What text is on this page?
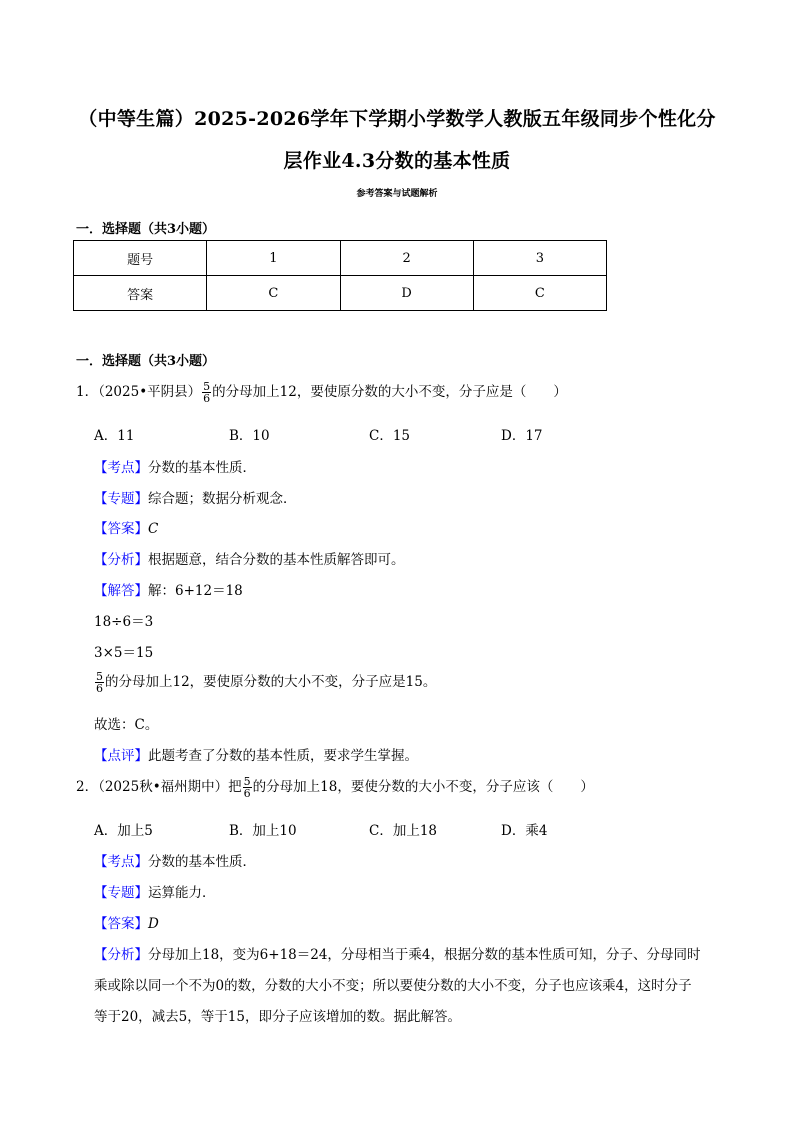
（中等生篇）2025-2026学年下学期小学数学人教版五年级同步个性化分
层作业4.3分数的基本性质
参考答案与试题解析
一．选择题（共3小题）
题号	1	2	3
答案	C	D	C
一．选择题（共3小题）
1．（2025•平阴县） $\frac{5}{6}$ 的分母加上12，要使原分数的大小不变，分子应是（　　）
A．11	B．10	C．15	D．17
【考点】分数的基本性质．
【专题】综合题；数据分析观念．
【答案】C
【分析】根据题意，结合分数的基本性质解答即可。
【解答】解：6+12＝18
18÷6＝3
3×5＝15
$\frac{5}{6}$ 的分母加上12，要使原分数的大小不变，分子应是15。
故选：C。
【点评】此题考查了分数的基本性质，要求学生掌握。
2．（2025秋•福州期中）把 $\frac{5}{6}$ 的分母加上18，要使分数的大小不变，分子应该（　　）
A．加上5	B．加上10	C．加上18	D．乘4
【考点】分数的基本性质．
【专题】运算能力．
【答案】D
【分析】分母加上18，变为6+18＝24，分母相当于乘4，根据分数的基本性质可知，分子、分母同时
乘或除以同一个不为0的数，分数的大小不变；所以要使分数的大小不变，分子也应该乘4，这时分子
等于20，减去5，等于15，即分子应该增加的数。据此解答。
